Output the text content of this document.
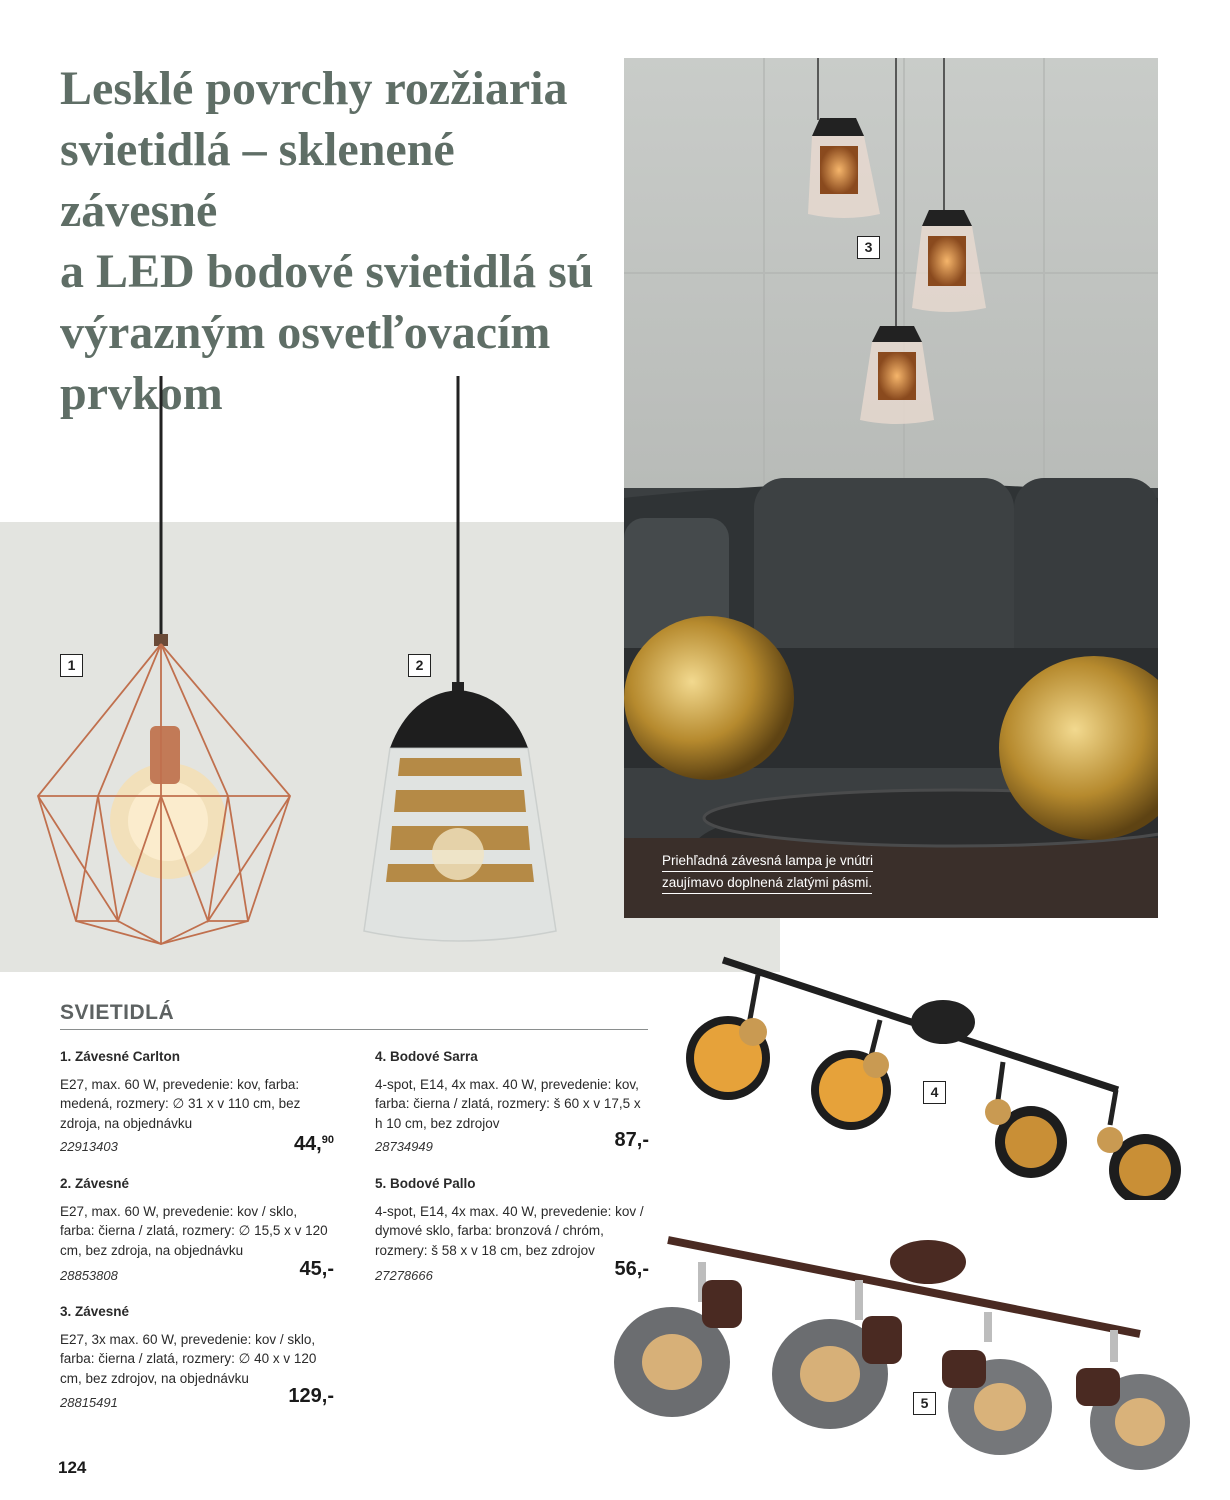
Lesklé povrchy rozžiaria
svietidlá – sklenené závesné
a LED bodové svietidlá sú
výrazným osvetľovacím
prvkom
1	2
3
Priehľadná závesná lampa je vnútri
zaujímavo doplnená zlatými pásmi.
SVIETIDLÁ
1. Závesné Carlton
E27, max. 60 W, prevedenie: kov, farba: medená, rozmery: ∅ 31 x v 110 cm, bez zdroja, na objednávku
22913403	44,90
2. Závesné
E27, max. 60 W, prevedenie: kov / sklo, farba: čierna / zlatá, rozmery: ∅ 15,5 x v 120 cm, bez zdroja, na objednávku
28853808	45,-
3. Závesné
E27, 3x max. 60 W, prevedenie: kov / sklo, farba: čierna / zlatá, rozmery: ∅ 40 x v 120 cm, bez zdrojov, na objednávku
28815491	129,-
4. Bodové Sarra
4-spot, E14, 4x max. 40 W, prevedenie: kov, farba: čierna / zlatá, rozmery: š 60 x v 17,5 x h 10 cm, bez zdrojov
28734949	87,-
5. Bodové Pallo
4-spot, E14, 4x max. 40 W, prevedenie: kov / dymové sklo, farba: bronzová / chróm, rozmery: š 58 x v 18 cm, bez zdrojov
27278666	56,-
4
5
124
